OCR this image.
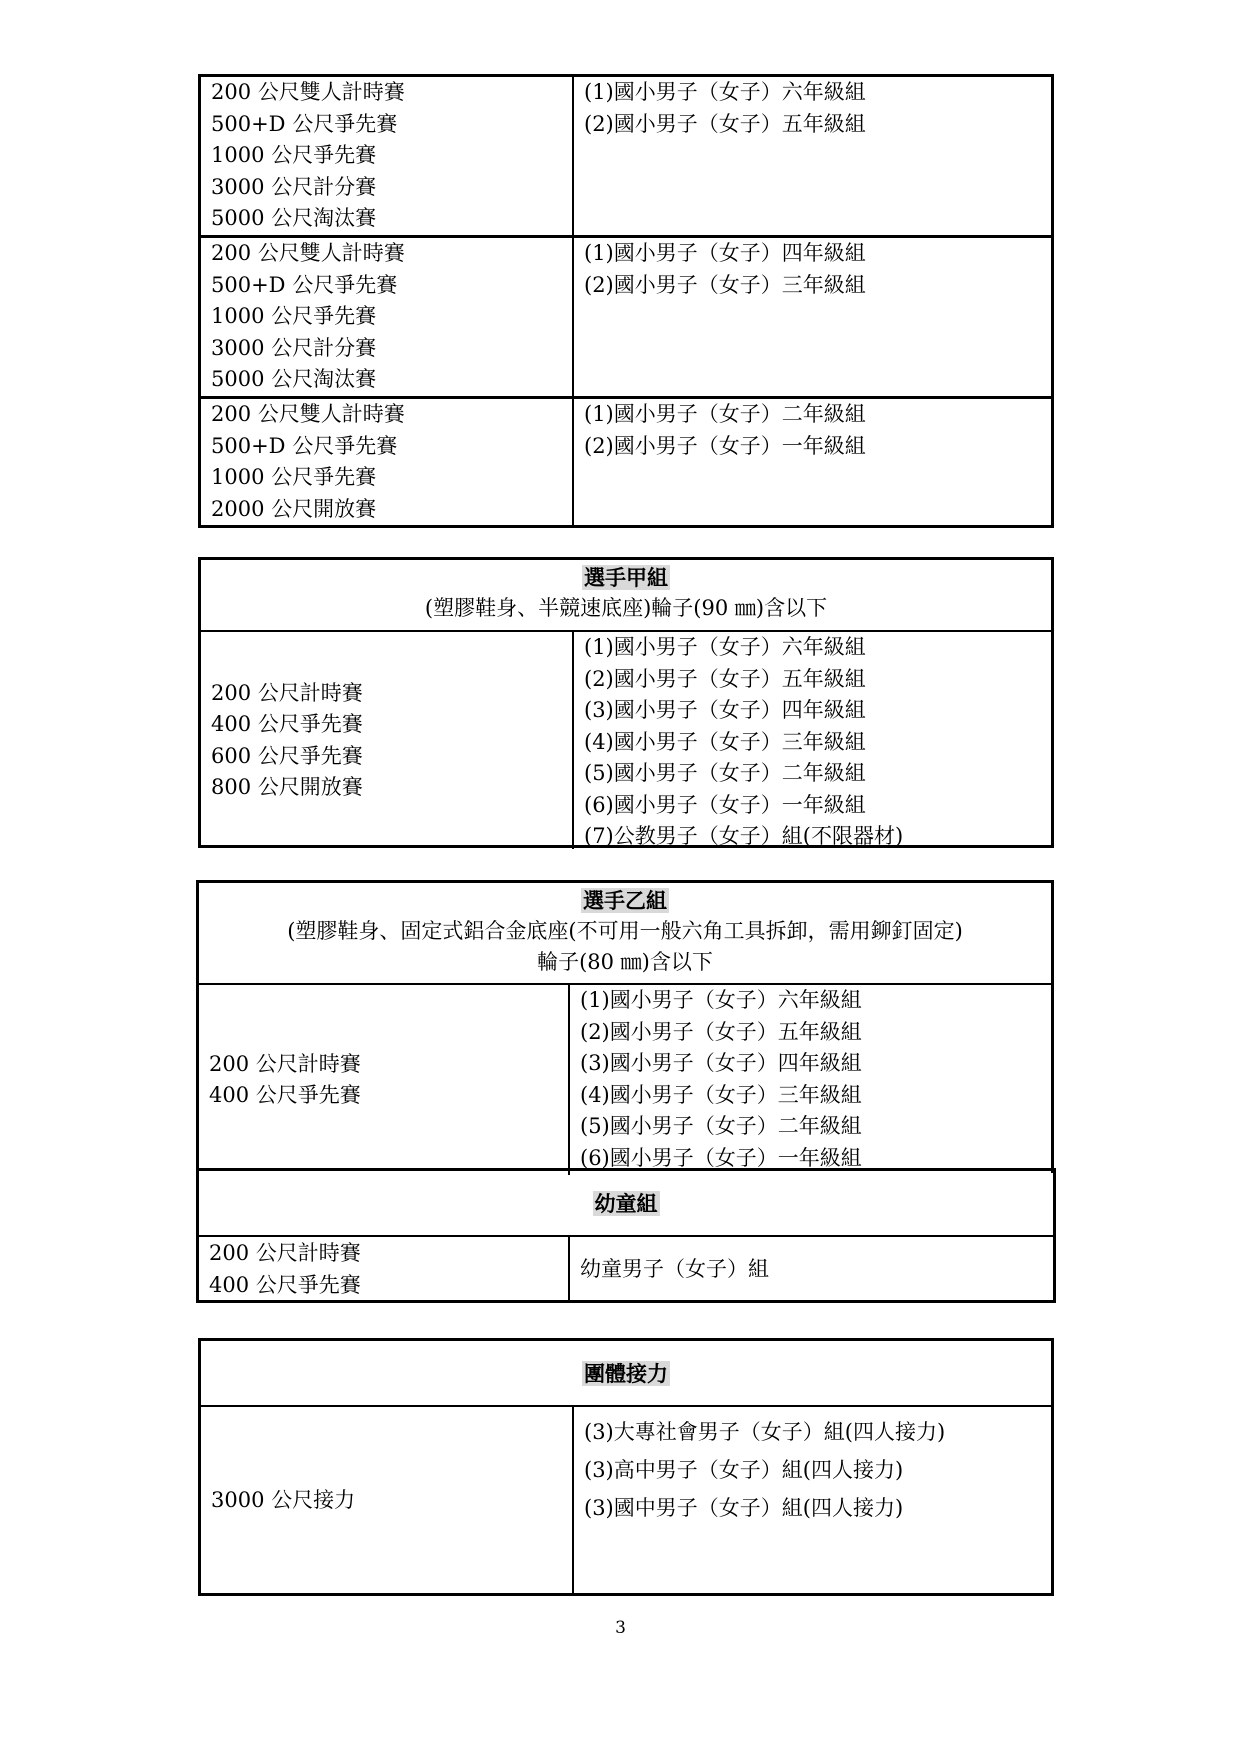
200 公尺雙人計時賽
500+D 公尺爭先賽
1000 公尺爭先賽
3000 公尺計分賽
5000 公尺淘汰賽
(1)國小男子（女子）六年級組
(2)國小男子（女子）五年級組
200 公尺雙人計時賽
500+D 公尺爭先賽
1000 公尺爭先賽
3000 公尺計分賽
5000 公尺淘汰賽
(1)國小男子（女子）四年級組
(2)國小男子（女子）三年級組
200 公尺雙人計時賽
500+D 公尺爭先賽
1000 公尺爭先賽
2000 公尺開放賽
(1)國小男子（女子）二年級組
(2)國小男子（女子）一年級組
選手甲組
(塑膠鞋身、半競速底座)輪子(90 ㎜)含以下
200 公尺計時賽
400 公尺爭先賽
600 公尺爭先賽
800 公尺開放賽
(1)國小男子（女子）六年級組
(2)國小男子（女子）五年級組
(3)國小男子（女子）四年級組
(4)國小男子（女子）三年級組
(5)國小男子（女子）二年級組
(6)國小男子（女子）一年級組
(7)公教男子（女子）組(不限器材)
選手乙組
(塑膠鞋身、固定式鋁合金底座(不可用一般六角工具拆卸，需用鉚釘固定)
輪子(80 ㎜)含以下
200 公尺計時賽
400 公尺爭先賽
(1)國小男子（女子）六年級組
(2)國小男子（女子）五年級組
(3)國小男子（女子）四年級組
(4)國小男子（女子）三年級組
(5)國小男子（女子）二年級組
(6)國小男子（女子）一年級組
幼童組
200 公尺計時賽
400 公尺爭先賽
幼童男子（女子）組
團體接力
3000 公尺接力
(3)大專社會男子（女子）組(四人接力)
(3)高中男子（女子）組(四人接力)
(3)國中男子（女子）組(四人接力)
3
